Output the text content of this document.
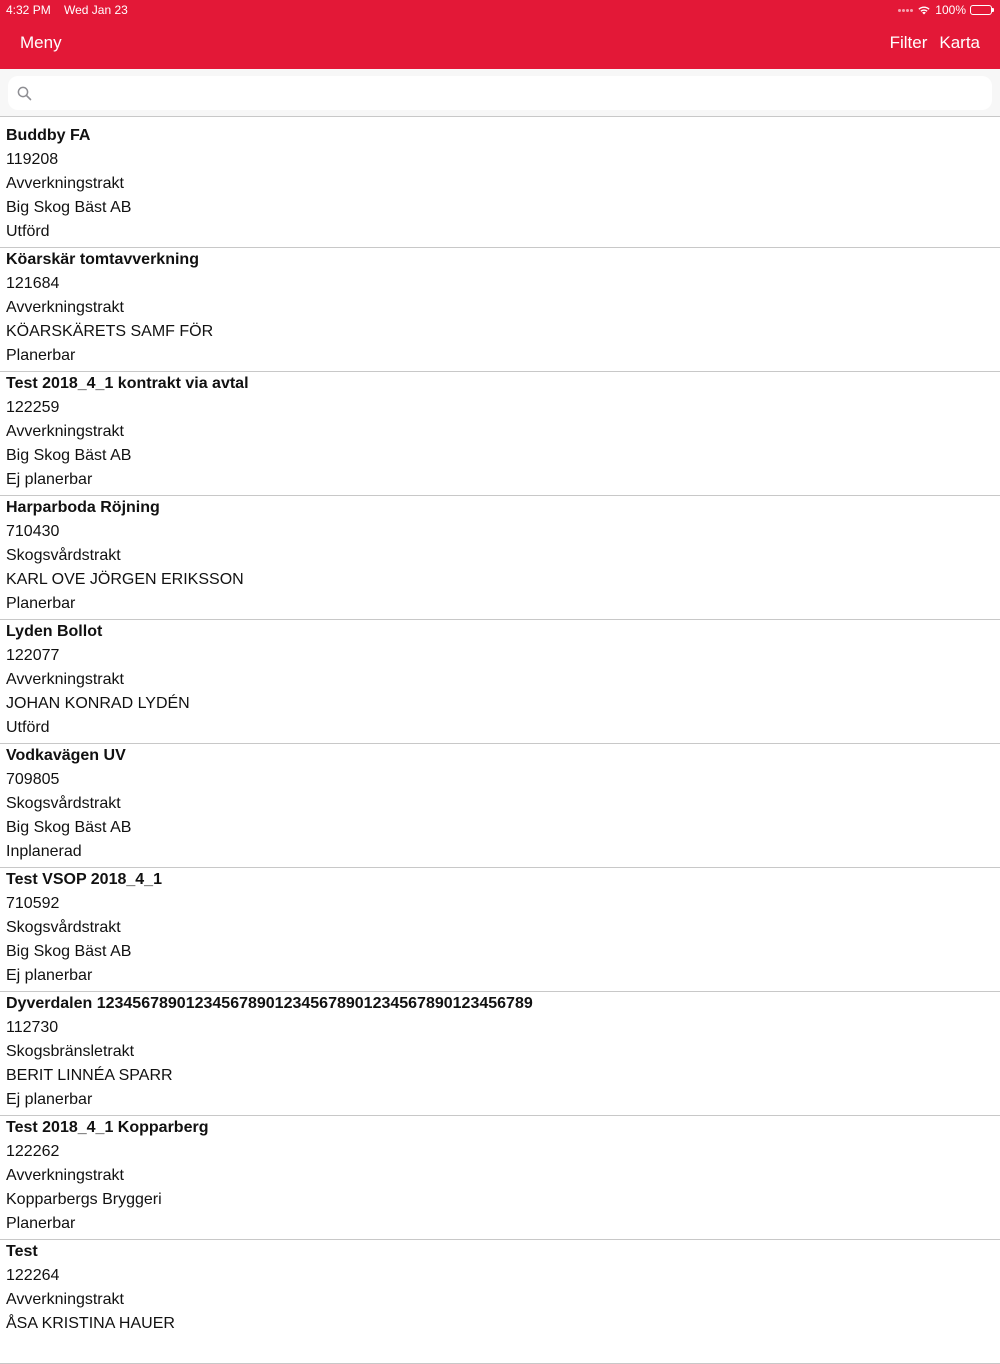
4:32 PM Wed Jan 23	100%
Meny	Filter Karta
Buddby FA
119208
Avverkningstrakt
Big Skog Bäst AB
Utförd
Köarskär tomtavverkning
121684
Avverkningstrakt
KÖARSKÄRETS SAMF FÖR
Planerbar
Test 2018_4_1 kontrakt via avtal
122259
Avverkningstrakt
Big Skog Bäst AB
Ej planerbar
Harparboda Röjning
710430
Skogsvårdstrakt
KARL OVE JÖRGEN ERIKSSON
Planerbar
Lyden Bollot
122077
Avverkningstrakt
JOHAN KONRAD LYDÉN
Utförd
Vodkavägen UV
709805
Skogsvårdstrakt
Big Skog Bäst AB
Inplanerad
Test VSOP 2018_4_1
710592
Skogsvårdstrakt
Big Skog Bäst AB
Ej planerbar
Dyverdalen 1234567890123456789012345678901234567890123456789
112730
Skogsbränsletrakt
BERIT LINNÉA SPARR
Ej planerbar
Test 2018_4_1 Kopparberg
122262
Avverkningstrakt
Kopparbergs Bryggeri
Planerbar
Test
122264
Avverkningstrakt
ÅSA KRISTINA HAUER
